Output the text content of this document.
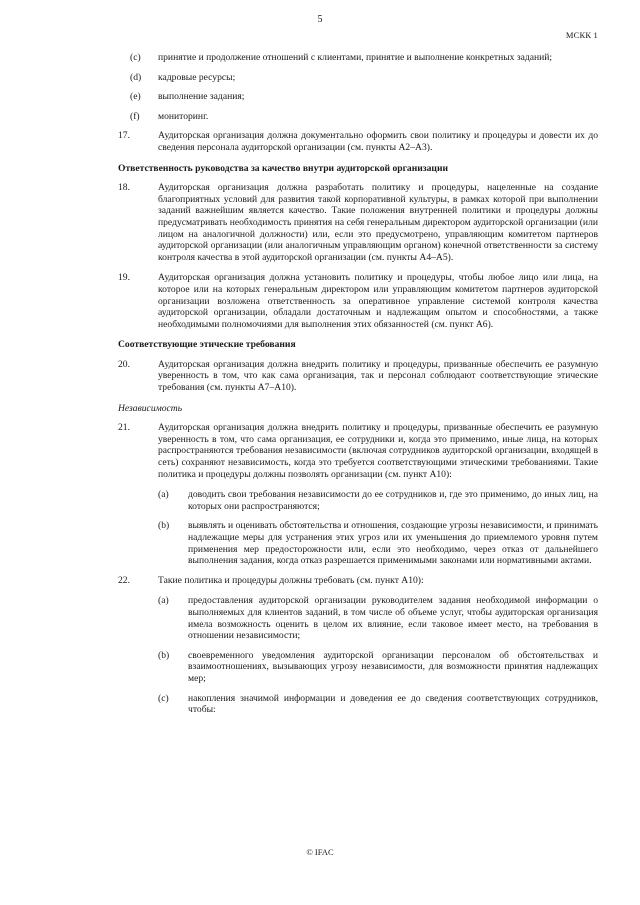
5
МСКК 1
(c)	принятие и продолжение отношений с клиентами, принятие и выполнение конкретных заданий;
(d)	кадровые ресурсы;
(e)	выполнение задания;
(f)	мониторинг.
17.	Аудиторская организация должна документально оформить свои политику и процедуры и довести их до сведения персонала аудиторской организации (см. пункты А2–А3).
Ответственность руководства за качество внутри аудиторской организации
18.	Аудиторская организация должна разработать политику и процедуры, нацеленные на создание благоприятных условий для развития такой корпоративной культуры, в рамках которой при выполнении заданий важнейшим является качество. Такие положения внутренней политики и процедуры должны предусматривать необходимость принятия на себя генеральным директором аудиторской организации (или лицом на аналогичной должности) или, если это предусмотрено, управляющим комитетом партнеров аудиторской организации (или аналогичным управляющим органом) конечной ответственности за систему контроля качества в этой аудиторской организации (см. пункты А4–А5).
19.	Аудиторская организация должна установить политику и процедуры, чтобы любое лицо или лица, на которое или на которых генеральным директором или управляющим комитетом партнеров аудиторской организации возложена ответственность за оперативное управление системой контроля качества аудиторской организации, обладали достаточным и надлежащим опытом и способностями, а также необходимыми полномочиями для выполнения этих обязанностей (см. пункт А6).
Соответствующие этические требования
20.	Аудиторская организация должна внедрить политику и процедуры, призванные обеспечить ее разумную уверенность в том, что как сама организация, так и персонал соблюдают соответствующие этические требования (см. пункты А7–А10).
Независимость
21.	Аудиторская организация должна внедрить политику и процедуры, призванные обеспечить ее разумную уверенность в том, что сама организация, ее сотрудники и, когда это применимо, иные лица, на которых распространяются требования независимости (включая сотрудников аудиторской организации, входящей в сеть) сохраняют независимость, когда это требуется соответствующими этическими требованиями. Такие политика и процедуры должны позволять организации (см. пункт А10):
(a)	доводить свои требования независимости до ее сотрудников и, где это применимо, до иных лиц, на которых они распространяются;
(b)	выявлять и оценивать обстоятельства и отношения, создающие угрозы независимости, и принимать надлежащие меры для устранения этих угроз или их уменьшения до приемлемого уровня путем применения мер предосторожности или, если это необходимо, через отказ от дальнейшего выполнения задания, когда отказ разрешается применимыми законами или нормативными актами.
22.	Такие политика и процедуры должны требовать (см. пункт А10):
(a)	предоставления аудиторской организации руководителем задания необходимой информации о выполняемых для клиентов заданий, в том числе об объеме услуг, чтобы аудиторская организация имела возможность оценить в целом их влияние, если таковое имеет место, на требования в отношении независимости;
(b)	своевременного уведомления аудиторской организации персоналом об обстоятельствах и взаимоотношениях, вызывающих угрозу независимости, для возможности принятия надлежащих мер;
(c)	накопления значимой информации и доведения ее до сведения соответствующих сотрудников, чтобы:
© IFAC
